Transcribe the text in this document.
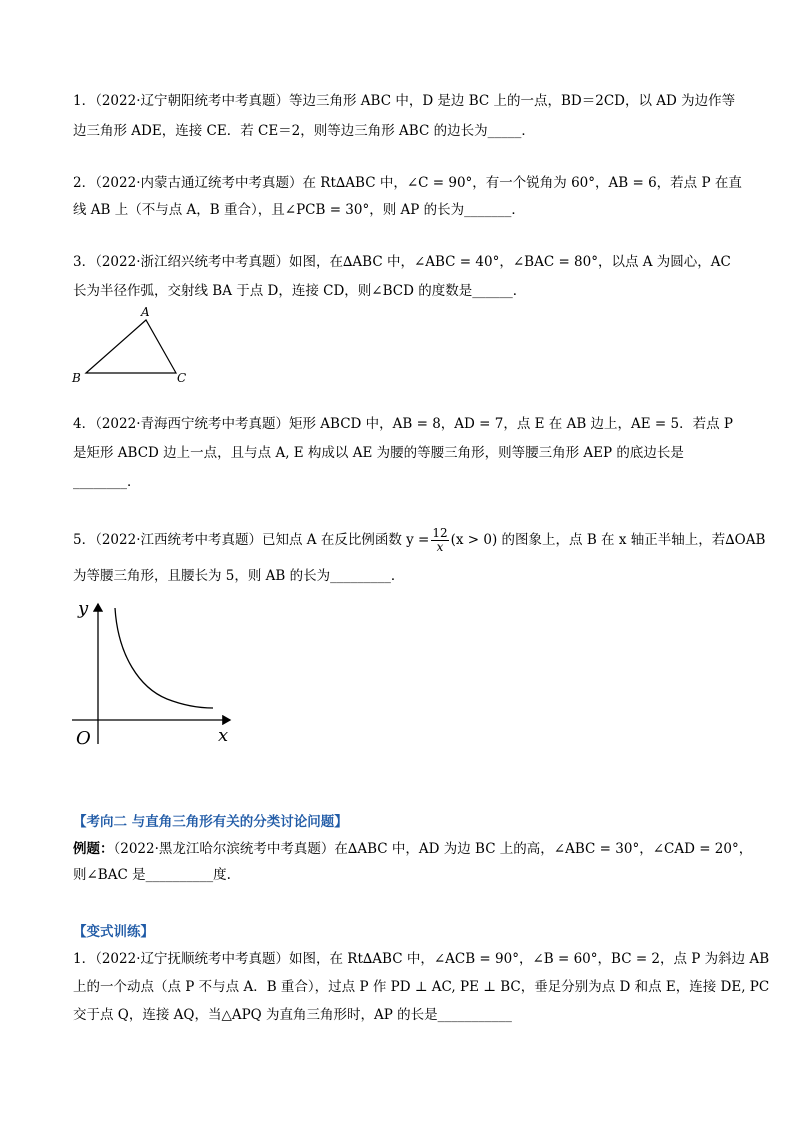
1．（2022·辽宁朝阳统考中考真题）等边三角形 ABC 中，D 是边 BC 上的一点，BD＝2CD，以 AD 为边作等
边三角形 ADE，连接 CE．若 CE＝2，则等边三角形 ABC 的边长为_____．
2．（2022·内蒙古通辽统考中考真题）在 Rt∆ABC 中，∠C = 90°，有一个锐角为 60°，AB = 6，若点 P 在直
线 AB 上（不与点 A，B 重合），且∠PCB = 30°，则 AP 的长为_______．
3．（2022·浙江绍兴统考中考真题）如图，在∆ABC 中，∠ABC = 40°，∠BAC = 80°，以点 A 为圆心，AC
长为半径作弧，交射线 BA 于点 D，连接 CD，则∠BCD 的度数是______．
A
B	C
4．（2022·青海西宁统考中考真题）矩形 ABCD 中，AB = 8，AD = 7，点 E 在 AB 边上，AE = 5．若点 P
是矩形 ABCD 边上一点，且与点 A, E 构成以 AE 为腰的等腰三角形，则等腰三角形 AEP 的底边长是
________．
5．（2022·江西统考中考真题）已知点 A 在反比例函数 $y = \frac{12}{x} (x > 0)$ 的图象上，点 B 在 x 轴正半轴上，若∆OAB
为等腰三角形，且腰长为 5，则 AB 的长为_________．
y
x
O
【考向二 与直角三角形有关的分类讨论问题】
例题：（2022·黑龙江哈尔滨统考中考真题）在∆ABC 中，AD 为边 BC 上的高，∠ABC = 30°，∠CAD = 20°，
则∠BAC 是__________度.
【变式训练】
1．（2022·辽宁抚顺统考中考真题）如图，在 Rt∆ABC 中，∠ACB = 90°，∠B = 60°，BC = 2，点 P 为斜边 AB
上的一个动点（点 P 不与点 A．B 重合），过点 P 作 PD ⊥ AC, PE ⊥ BC，垂足分别为点 D 和点 E，连接 DE, PC
交于点 Q，连接 AQ，当△APQ 为直角三角形时，AP 的长是___________
